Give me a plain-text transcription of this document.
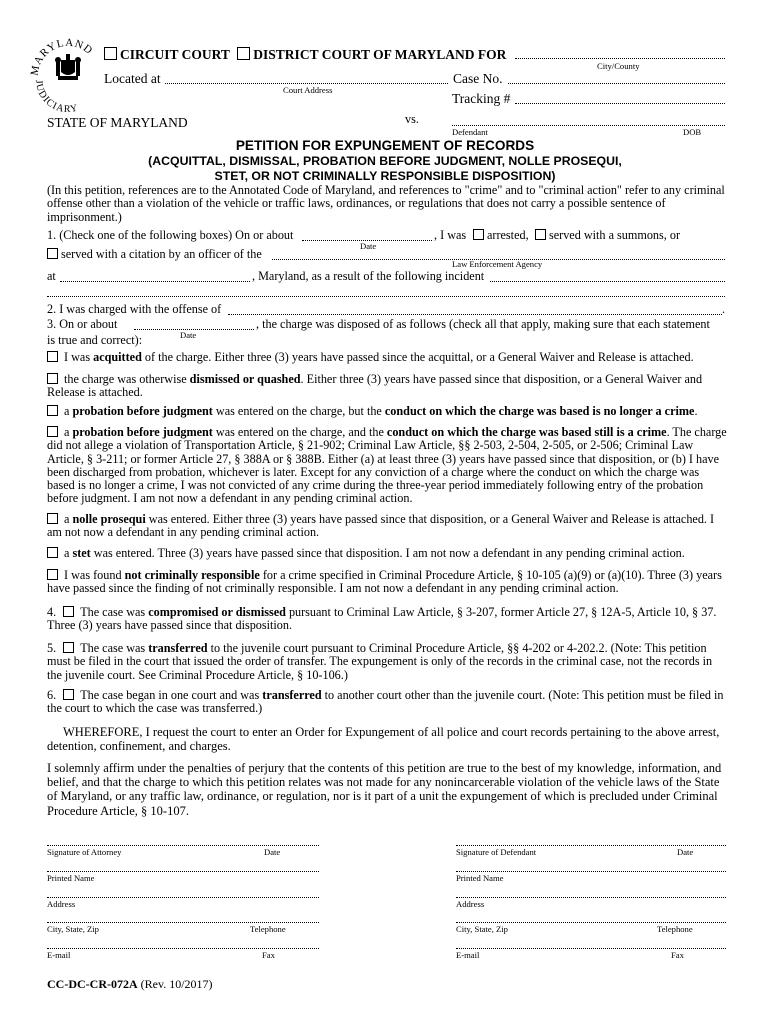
MARYLAND
JUDICIARY
CIRCUIT COURT DISTRICT COURT OF MARYLAND FOR
City/County
Located at
Court Address
Case No.
Tracking #
STATE OF MARYLAND	vs.
Defendant	DOB
PETITION FOR EXPUNGEMENT OF RECORDS
(ACQUITTAL, DISMISSAL, PROBATION BEFORE JUDGMENT, NOLLE PROSEQUI,
STET, OR NOT CRIMINALLY RESPONSIBLE DISPOSITION)
(In this petition, references are to the Annotated Code of Maryland, and references to "crime" and to "criminal action" refer to any criminal offense other than a violation of the vehicle or traffic laws, ordinances, or regulations that does not carry a possible sentence of imprisonment.)
1. (Check one of the following boxes) On or about
Date
, I was	arrested,	served with a summons, or
served with a citation by an officer of the
Law Enforcement Agency
at	, Maryland, as a result of the following incident
2. I was charged with the offense of	.
3. On or about
Date
, the charge was disposed of as follows (check all that apply, making sure that each statement
is true and correct):
I was acquitted of the charge. Either three (3) years have passed since the acquittal, or a General Waiver and Release is attached.
the charge was otherwise dismissed or quashed. Either three (3) years have passed since that disposition, or a General Waiver and Release is attached.
a probation before judgment was entered on the charge, but the conduct on which the charge was based is no longer a crime.
a probation before judgment was entered on the charge, and the conduct on which the charge was based still is a crime. The charge did not allege a violation of Transportation Article, § 21-902; Criminal Law Article, §§ 2-503, 2-504, 2-505, or 2-506; Criminal Law Article, § 3-211; or former Article 27, § 388A or § 388B. Either (a) at least three (3) years have passed since that disposition, or (b) I have been discharged from probation, whichever is later. Except for any conviction of a charge where the conduct on which the charge was based is no longer a crime, I was not convicted of any crime during the three-year period immediately following entry of the probation before judgment. I am not now a defendant in any pending criminal action.
a nolle prosequi was entered. Either three (3) years have passed since that disposition, or a General Waiver and Release is attached. I am not now a defendant in any pending criminal action.
a stet was entered. Three (3) years have passed since that disposition. I am not now a defendant in any pending criminal action.
I was found not criminally responsible for a crime specified in Criminal Procedure Article, § 10-105 (a)(9) or (a)(10). Three (3) years have passed since the finding of not criminally responsible. I am not now a defendant in any pending criminal action.
4. The case was compromised or dismissed pursuant to Criminal Law Article, § 3-207, former Article 27, § 12A-5, Article 10, § 37. Three (3) years have passed since that disposition.
5. The case was transferred to the juvenile court pursuant to Criminal Procedure Article, §§ 4-202 or 4-202.2. (Note: This petition must be filed in the court that issued the order of transfer. The expungement is only of the records in the criminal case, not the records in the juvenile court. See Criminal Procedure Article, § 10-106.)
6. The case began in one court and was transferred to another court other than the juvenile court. (Note: This petition must be filed in the court to which the case was transferred.)
WHEREFORE, I request the court to enter an Order for Expungement of all police and court records pertaining to the above arrest, detention, confinement, and charges.
I solemnly affirm under the penalties of perjury that the contents of this petition are true to the best of my knowledge, information, and belief, and that the charge to which this petition relates was not made for any nonincarcerable violation of the vehicle laws of the State of Maryland, or any traffic law, ordinance, or regulation, nor is it part of a unit the expungement of which is precluded under Criminal Procedure Article, § 10-107.
Signature of Attorney	Date
Printed Name
Address
City, State, Zip	Telephone
E-mail	Fax
Signature of Defendant	Date
Printed Name
Address
City, State, Zip	Telephone
E-mail	Fax
CC-DC-CR-072A (Rev. 10/2017)
